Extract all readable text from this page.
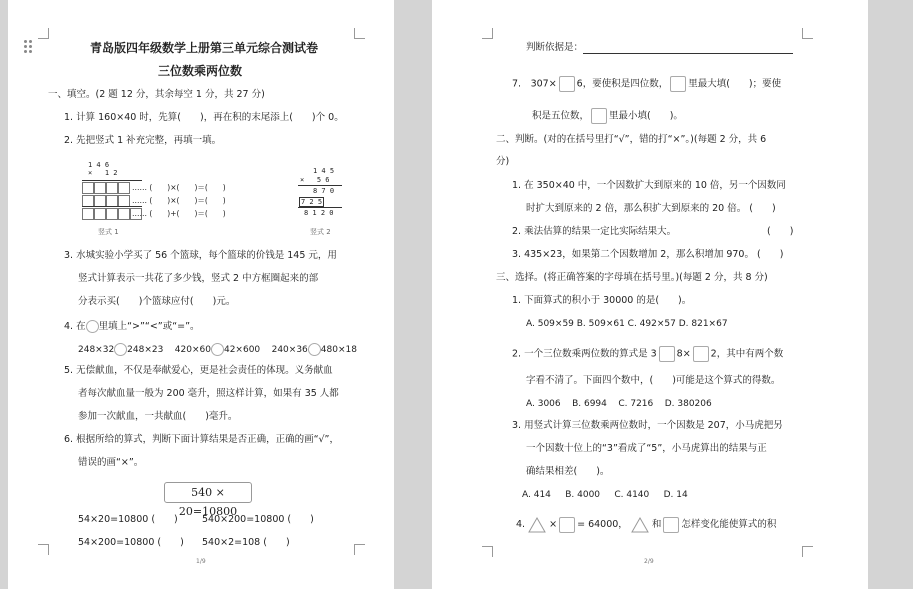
青岛版四年级数学上册第三单元综合测试卷
三位数乘两位数
一、填空。(2 题 12 分，其余每空 1 分，共 27 分)
1. 计算 160×40 时，先算(　　)，再在积的末尾添上(　　)个 0。
2. 先把竖式 1 补充完整，再填一填。
1 4 6
×   1 2
…… (　　)×(　　)＝(　　)
…… (　　)×(　　)＝(　　)
…… (　　)+(　　)＝(　　)
竖式 1
1 4 5
×   5 6
8 7 0
7 2 5
8 1 2 0
竖式 2
3. 水城实验小学买了 56 个篮球，每个篮球的价钱是 145 元，用
竖式计算表示一共花了多少钱，竖式 2 中方框圈起来的部
分表示买(　　)个篮球应付(　　)元。
4. 在 里填上“>”“<”或“=”。
248×32 248×23 420×60 42×600 240×36 480×18
5. 无偿献血，不仅是奉献爱心，更是社会责任的体现。义务献血
者每次献血量一般为 200 毫升，照这样计算，如果有 35 人都
参加一次献血，一共献血(　　)毫升。
6. 根据所给的算式，判断下面计算结果是否正确，正确的画“√”，
错误的画“×”。
540 × 20=10800
54×20=10800 (　　)	540×200=10800 (　　)
54×200=10800 (　　) 540×2=108 (　　)
1/9
判断依据是：
7.　307× 6，要使积是四位数， 里最大填(　　)；要使
积是五位数， 里最小填(　　)。
二、判断。(对的在括号里打“√”，错的打“×”。)(每题 2 分，共 6
分)
1. 在 350×40 中，一个因数扩大到原来的 10 倍，另一个因数同
时扩大到原来的 2 倍，那么积扩大到原来的 20 倍。 (　　)
2. 乘法估算的结果一定比实际结果大。	(　　)
3. 435×23，如果第二个因数增加 2，那么积增加 970。 (　　)
三、选择。(将正确答案的字母填在括号里。)(每题 2 分，共 8 分)
1. 下面算式的积小于 30000 的是(　　)。
A. 509×59 B. 509×61 C. 492×57 D. 821×67
2. 一个三位数乘两位数的算式是 3 8× 2，其中有两个数
字看不清了。下面四个数中，(　　)可能是这个算式的得数。
A. 3006 B. 6994 C. 7216 D. 380206
3. 用竖式计算三位数乘两位数时，一个因数是 207，小马虎把另
一个因数十位上的“3”看成了“5”，小马虎算出的结果与正
确结果相差(　　)。
A. 414 B. 4000 C. 4140 D. 14
4.	× = 64000，	和 怎样变化能使算式的积
2/9
